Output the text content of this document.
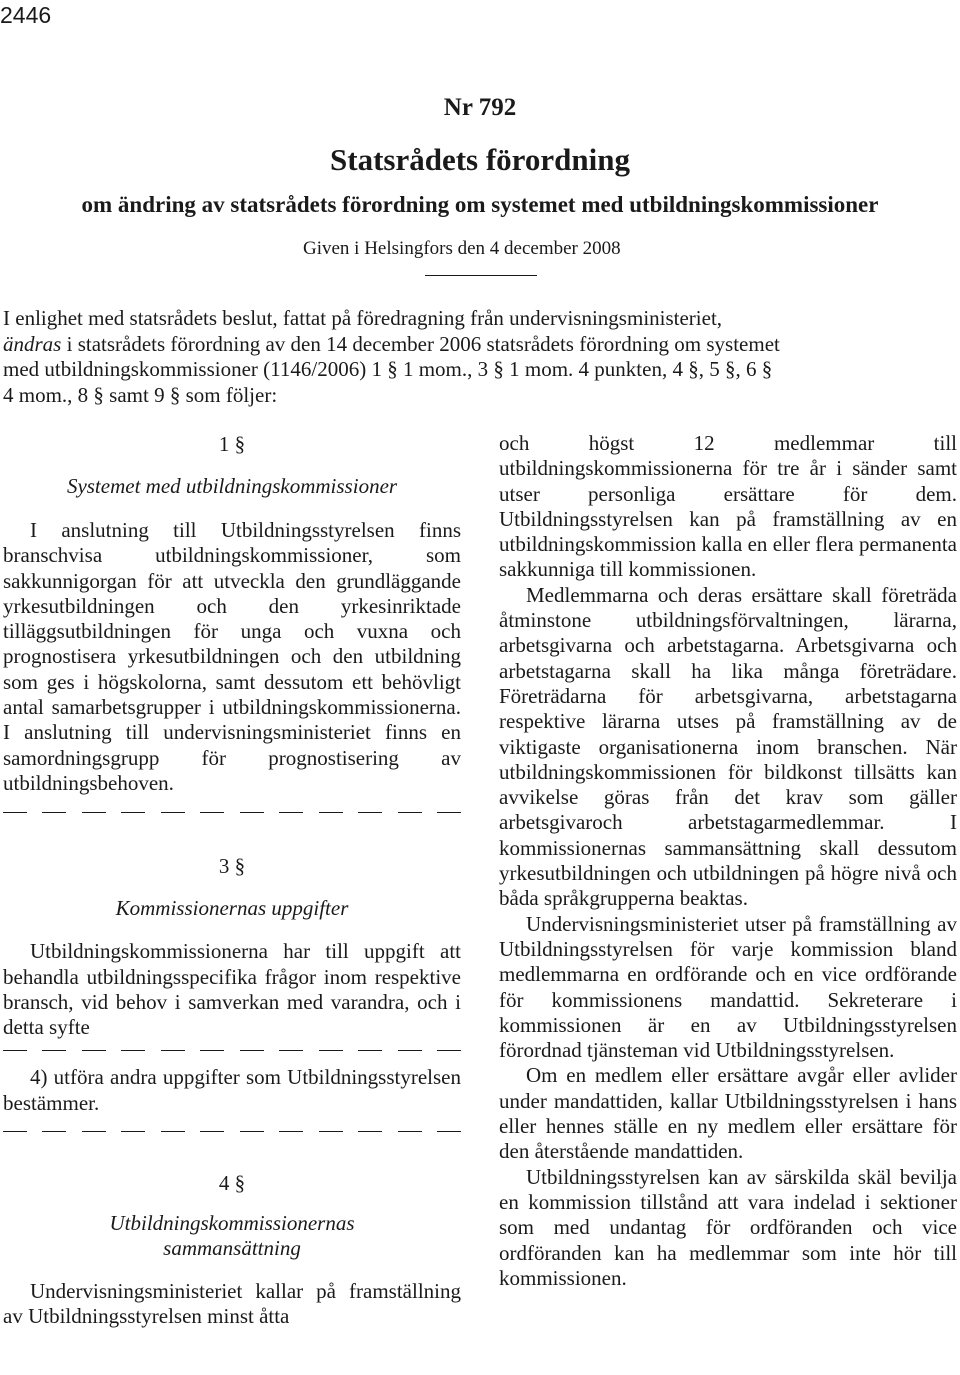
2446
Nr 792
Statsrådets förordning
om ändring av statsrådets förordning om systemet med utbildningskommissioner
Given i Helsingfors den 4 december 2008
I enlighet med statsrådets beslut, fattat på föredragning från undervisningsministeriet,
ändras i statsrådets förordning av den 14 december 2006 statsrådets förordning om systemet
med utbildningskommissioner (1146/2006) 1 § 1 mom., 3 § 1 mom. 4 punkten, 4 §, 5 §, 6 §
4 mom., 8 § samt 9 § som följer:

1 §

Systemet med utbildningskommissioner

I anslutning till Utbildningsstyrelsen finns branschvisa utbildningskommissioner, som sakkunnigorgan för att utveckla den grundläggande yrkesutbildningen och den yrkesinriktade tilläggsutbildningen för unga och vuxna och prognostisera yrkesutbildningen och den utbildning som ges i högskolorna, samt dessutom ett behövligt antal samarbetsgrupper i utbildningskommissionerna. I anslutning till undervisningsministeriet finns en samordningsgrupp för prognostisering av utbildningsbehoven.

3 §

Kommissionernas uppgifter

Utbildningskommissionerna har till uppgift att behandla utbildningsspecifika frågor inom respektive bransch, vid behov i samverkan med varandra, och i detta syfte

4) utföra andra uppgifter som Utbildningsstyrelsen bestämmer.

4 §

Utbildningskommissionernas

sammansättning

Undervisningsministeriet kallar på framställning av Utbildningsstyrelsen minst åtta

och högst 12 medlemmar till utbildningskommissionerna för tre år i sänder samt utser personliga ersättare för dem. Utbildningsstyrelsen kan på framställning av en utbildningskommission kalla en eller flera permanenta sakkunniga till kommissionen.

Medlemmarna och deras ersättare skall företräda åtminstone utbildningsförvaltningen, lärarna, arbetsgivarna och arbetstagarna. Arbetsgivarna och arbetstagarna skall ha lika många företrädare. Företrädarna för arbetsgivarna, arbetstagarna respektive lärarna utses på framställning av de viktigaste organisationerna inom branschen. När utbildningskommissionen för bildkonst tillsätts kan avvikelse göras från det krav som gäller arbetsgivaroch arbetstagarmedlemmar. I kommissionernas sammansättning skall dessutom yrkesutbildningen och utbildningen på högre nivå och båda språkgrupperna beaktas.

Undervisningsministeriet utser på framställning av Utbildningsstyrelsen för varje kommission bland medlemmarna en ordförande och en vice ordförande för kommissionens mandattid. Sekreterare i kommissionen är en av Utbildningsstyrelsen förordnad tjänsteman vid Utbildningsstyrelsen.

Om en medlem eller ersättare avgår eller avlider under mandattiden, kallar Utbildningsstyrelsen i hans eller hennes ställe en ny medlem eller ersättare för den återstående mandattiden.

Utbildningsstyrelsen kan av särskilda skäl bevilja en kommission tillstånd att vara indelad i sektioner som med undantag för ordföranden och vice ordföranden kan ha medlemmar som inte hör till kommissionen.
